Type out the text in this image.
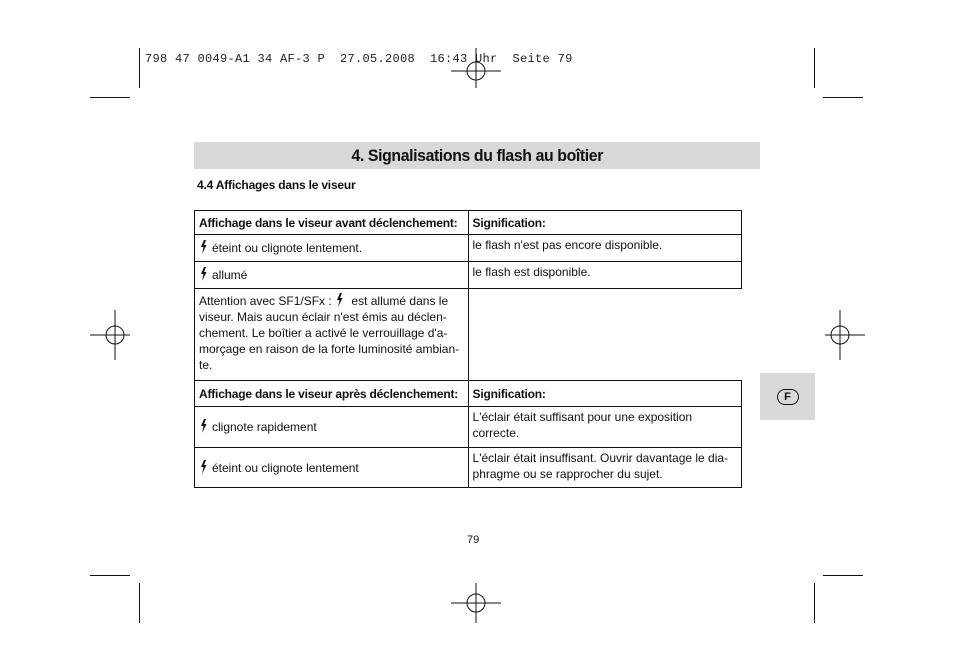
798 47 0049-A1 34 AF-3 P  27.05.2008  16:43 Uhr  Seite 79
4. Signalisations du flash au boîtier
4.4 Affichages dans le viseur
Affichage dans le viseur avant déclenchement:	Signification:
éteint ou clignote lentement.	le flash n'est pas encore disponible.
allumé	le flash est disponible.

Attention avec SF1/SFx :  est allumé dans le
viseur. Mais aucun éclair n'est émis au déclen-
chement. Le boîtier a activé le verrouillage d'a-
morçage en raison de la forte luminosité ambian-
te.	

Affichage dans le viseur après déclenchement:	Signification:
clignote rapidement	L'éclair était suffisant pour une exposition
correcte.

éteint ou clignote lentement	L'éclair était insuffisant. Ouvrir davantage le dia-
phragme ou se rapprocher du sujet.
F
79
